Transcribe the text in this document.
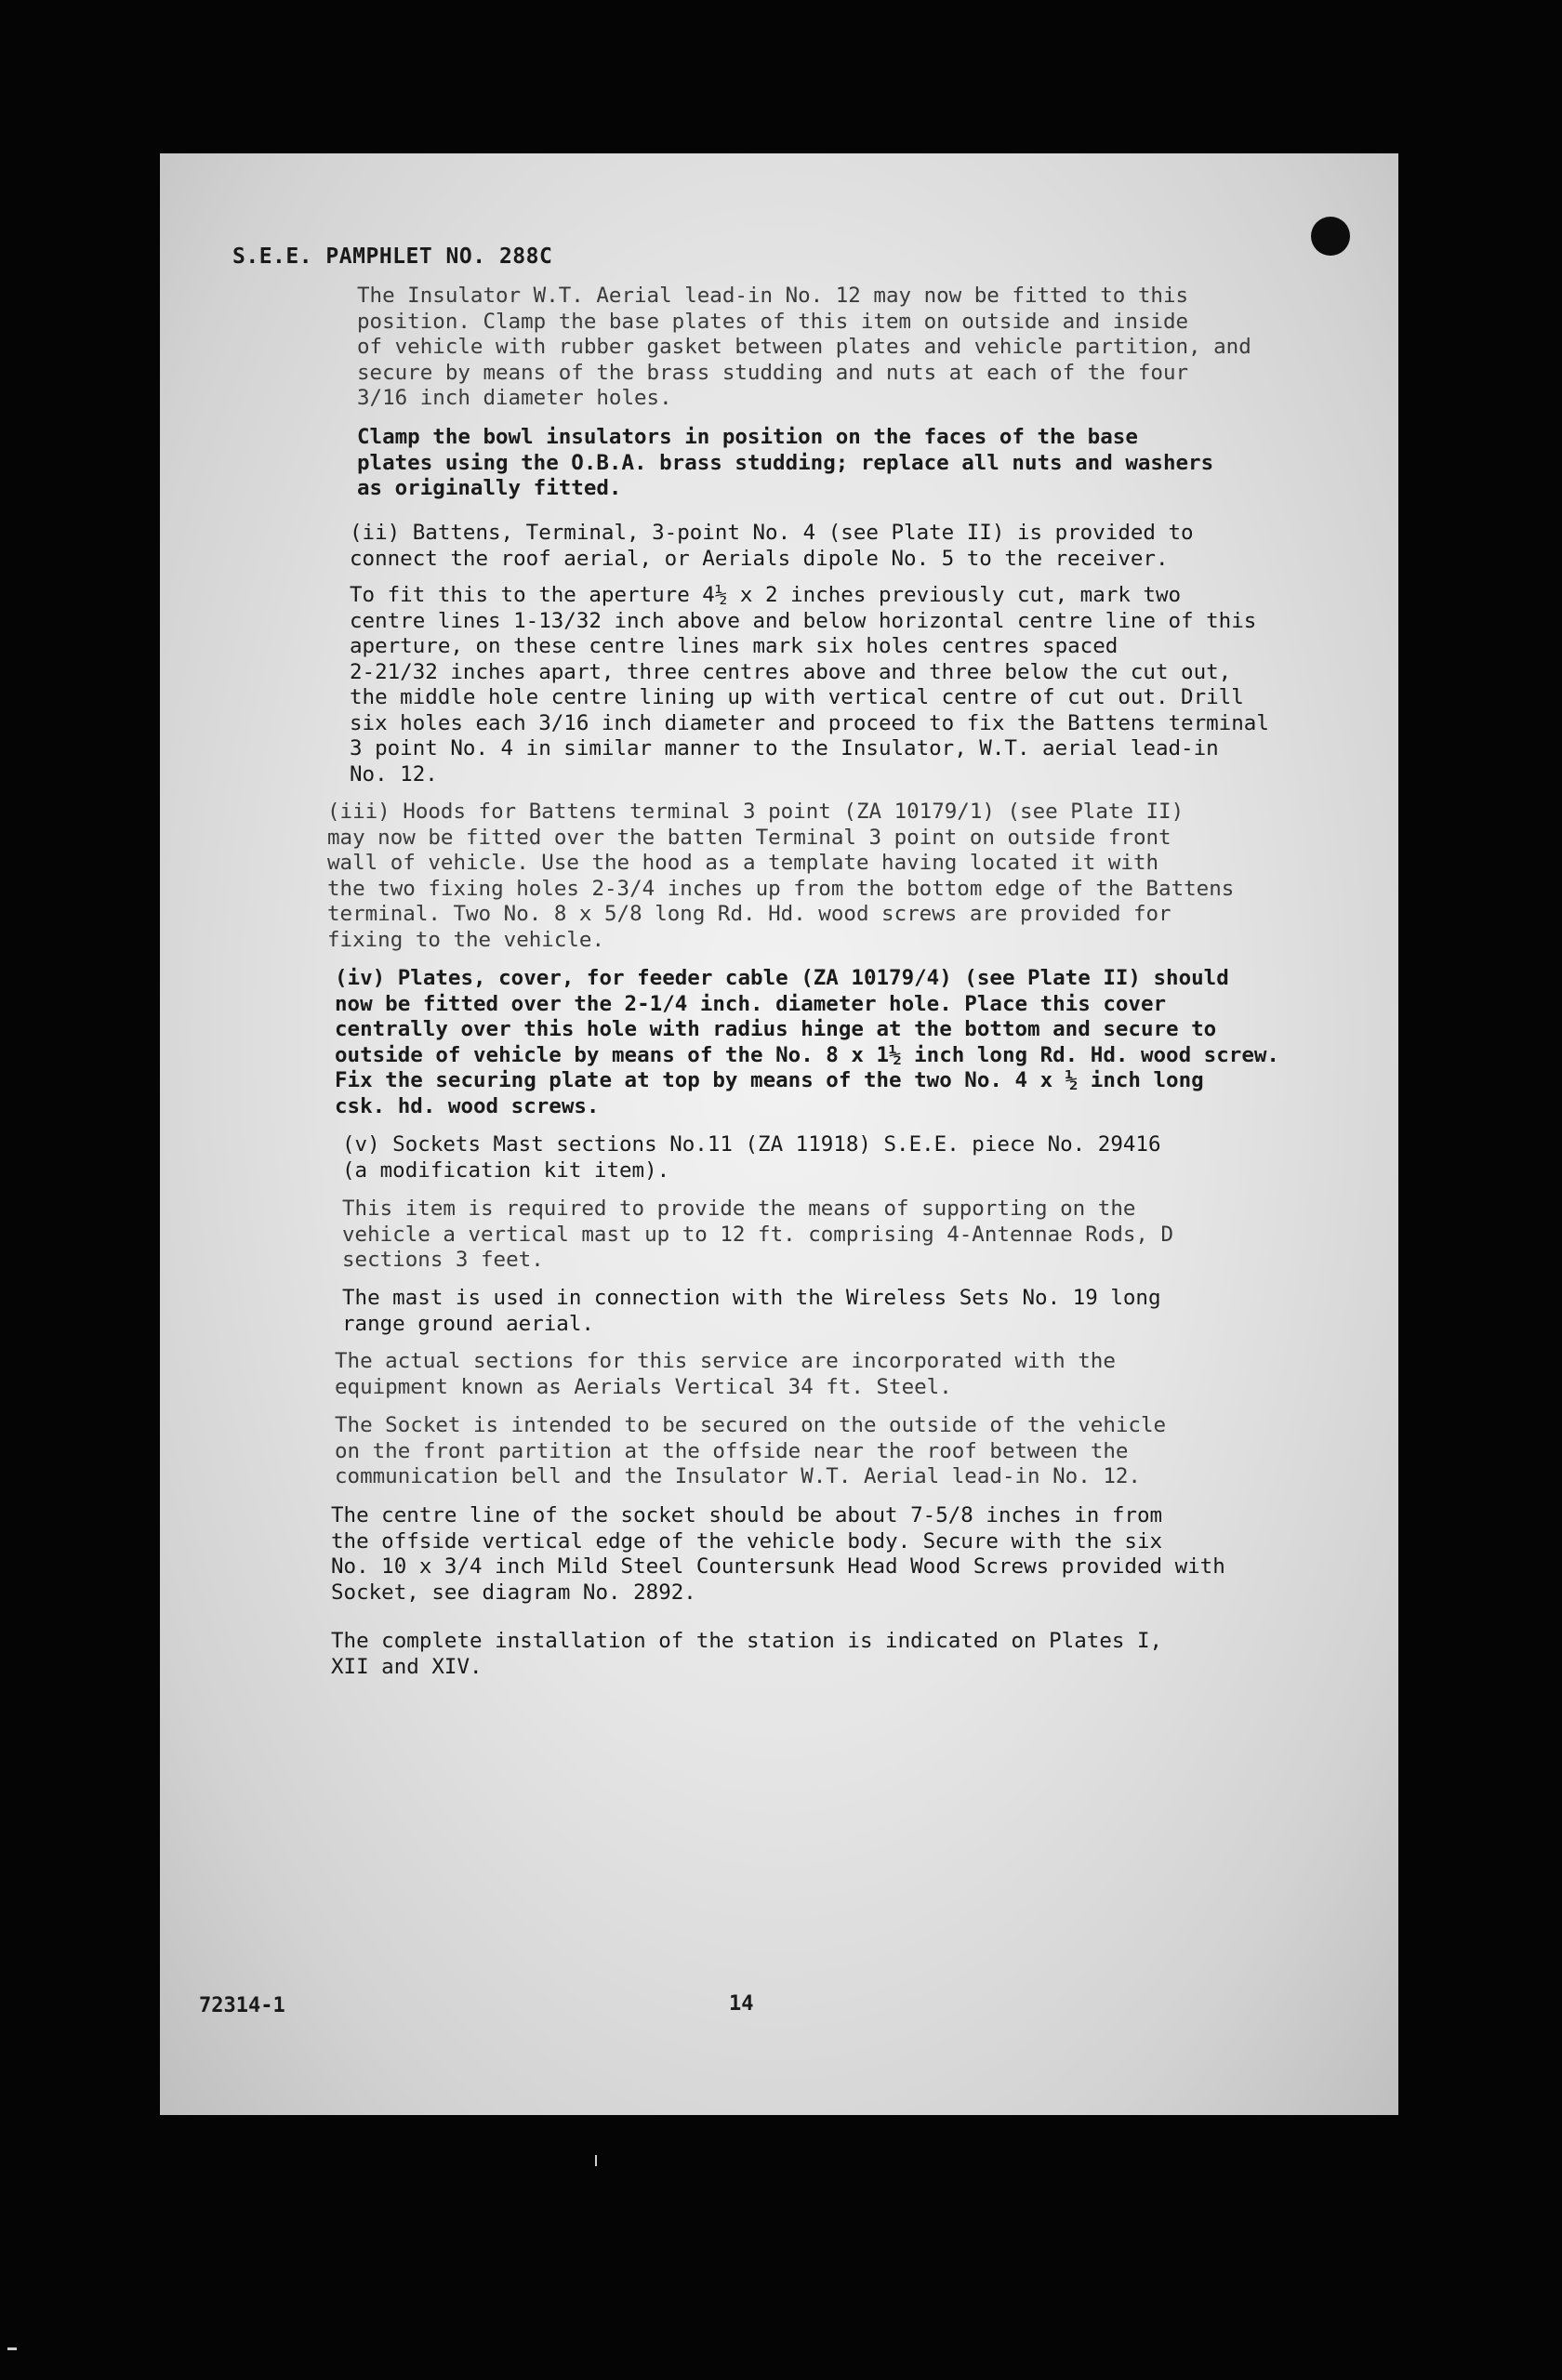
S.E.E. PAMPHLET NO. 288C

The Insulator W.T. Aerial lead-in No. 12 may now be fitted to this
position. Clamp the base plates of this item on outside and inside
of vehicle with rubber gasket between plates and vehicle partition, and
secure by means of the brass studding and nuts at each of the four
3/16 inch diameter holes.

Clamp the bowl insulators in position on the faces of the base
plates using the O.B.A. brass studding; replace all nuts and washers
as originally fitted.

(ii) Battens, Terminal, 3-point No. 4 (see Plate II) is provided to
connect the roof aerial, or Aerials dipole No. 5 to the receiver.

To fit this to the aperture 4½ x 2 inches previously cut, mark two
centre lines 1-13/32 inch above and below horizontal centre line of this
aperture, on these centre lines mark six holes centres spaced
2-21/32 inches apart, three centres above and three below the cut out,
the middle hole centre lining up with vertical centre of cut out. Drill
six holes each 3/16 inch diameter and proceed to fix the Battens terminal
3 point No. 4 in similar manner to the Insulator, W.T. aerial lead-in
No. 12.

(iii) Hoods for Battens terminal 3 point (ZA 10179/1) (see Plate II)
may now be fitted over the batten Terminal 3 point on outside front
wall of vehicle. Use the hood as a template having located it with
the two fixing holes 2-3/4 inches up from the bottom edge of the Battens
terminal. Two No. 8 x 5/8 long Rd. Hd. wood screws are provided for
fixing to the vehicle.

(iv) Plates, cover, for feeder cable (ZA 10179/4) (see Plate II) should
now be fitted over the 2-1/4 inch. diameter hole. Place this cover
centrally over this hole with radius hinge at the bottom and secure to
outside of vehicle by means of the No. 8 x 1½ inch long Rd. Hd. wood screw.
Fix the securing plate at top by means of the two No. 4 x ½ inch long
csk. hd. wood screws.

(v) Sockets Mast sections No.11 (ZA 11918) S.E.E. piece No. 29416
(a modification kit item).

This item is required to provide the means of supporting on the
vehicle a vertical mast up to 12 ft. comprising 4-Antennae Rods, D
sections 3 feet.

The mast is used in connection with the Wireless Sets No. 19 long
range ground aerial.

The actual sections for this service are incorporated with the
equipment known as Aerials Vertical 34 ft. Steel.

The Socket is intended to be secured on the outside of the vehicle
on the front partition at the offside near the roof between the
communication bell and the Insulator W.T. Aerial lead-in No. 12.

The centre line of the socket should be about 7-5/8 inches in from
the offside vertical edge of the vehicle body. Secure with the six
No. 10 x 3/4 inch Mild Steel Countersunk Head Wood Screws provided with
Socket, see diagram No. 2892.

The complete installation of the station is indicated on Plates I,
XII and XIV.

72314-1	14
